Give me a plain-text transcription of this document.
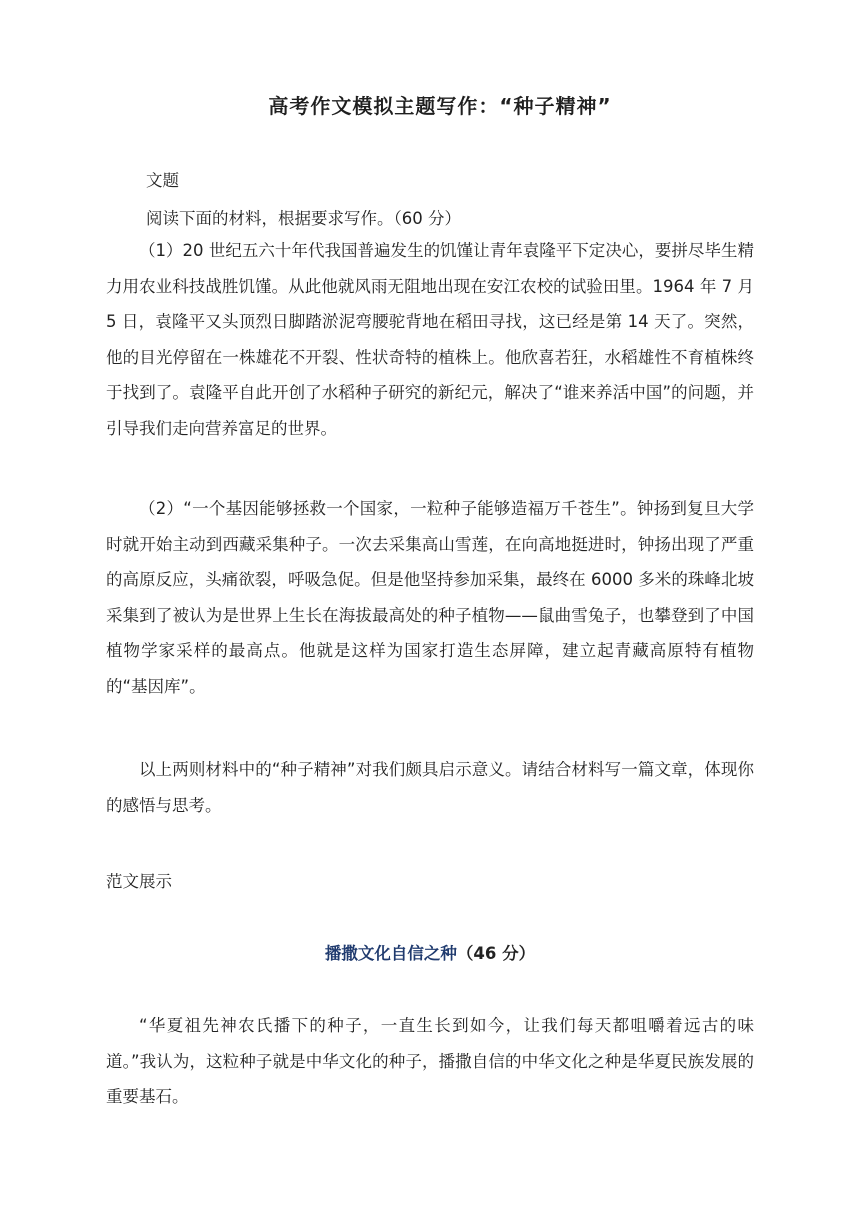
高考作文模拟主题写作：“种子精神”
文题
阅读下面的材料，根据要求写作。（60 分）

（1）20 世纪五六十年代我国普遍发生的饥馑让青年袁隆平下定决心，要拼尽毕生精力用农业科技战胜饥馑。从此他就风雨无阻地出现在安江农校的试验田里。1964 年 7 月 5 日，袁隆平又头顶烈日脚踏淤泥弯腰驼背地在稻田寻找，这已经是第 14 天了。突然，他的目光停留在一株雄花不开裂、性状奇特的植株上。他欣喜若狂，水稻雄性不育植株终于找到了。袁隆平自此开创了水稻种子研究的新纪元，解决了“谁来养活中国”的问题，并引导我们走向营养富足的世界。

（2）“一个基因能够拯救一个国家，一粒种子能够造福万千苍生”。钟扬到复旦大学时就开始主动到西藏采集种子。一次去采集高山雪莲，在向高地挺进时，钟扬出现了严重的高原反应，头痛欲裂，呼吸急促。但是他坚持参加采集，最终在 6000 多米的珠峰北坡采集到了被认为是世界上生长在海拔最高处的种子植物——鼠曲雪兔子，也攀登到了中国植物学家采样的最高点。他就是这样为国家打造生态屏障，建立起青藏高原特有植物的“基因库”。

以上两则材料中的“种子精神”对我们颇具启示意义。请结合材料写一篇文章，体现你的感悟与思考。

范文展示
播撒文化自信之种（46 分）

“华夏祖先神农氏播下的种子，一直生长到如今，让我们每天都咀嚼着远古的味道。”我认为，这粒种子就是中华文化的种子，播撒自信的中华文化之种是华夏民族发展的重要基石。
